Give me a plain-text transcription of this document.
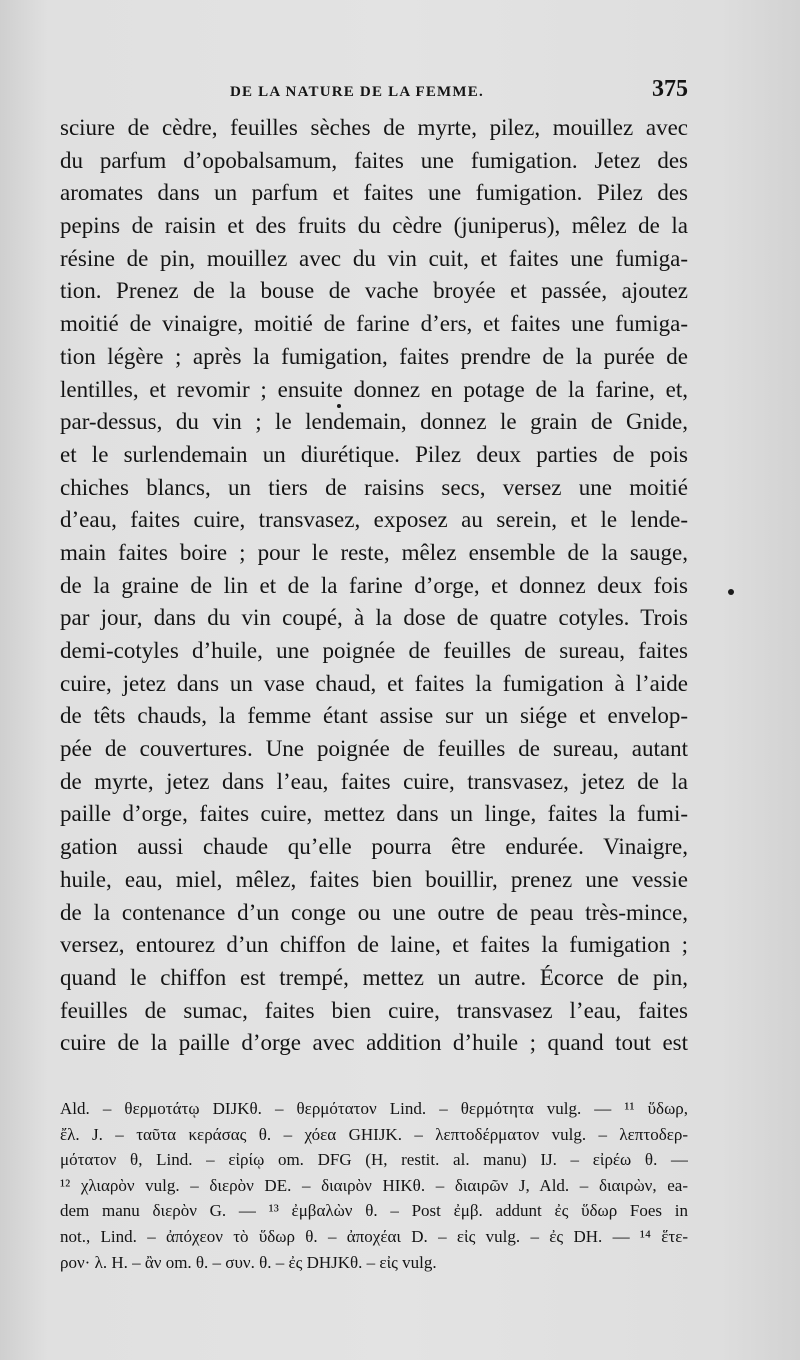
DE LA NATURE DE LA FEMME.	375
sciure de cèdre, feuilles sèches de myrte, pilez, mouillez avec
du parfum d’opobalsamum, faites une fumigation. Jetez des
aromates dans un parfum et faites une fumigation. Pilez des
pepins de raisin et des fruits du cèdre (juniperus), mêlez de la
résine de pin, mouillez avec du vin cuit, et faites une fumiga-
tion. Prenez de la bouse de vache broyée et passée, ajoutez
moitié de vinaigre, moitié de farine d’ers, et faites une fumiga-
tion légère ; après la fumigation, faites prendre de la purée de
lentilles, et revomir ; ensuite donnez en potage de la farine, et,
par-dessus, du vin ; le lendemain, donnez le grain de Gnide,
et le surlendemain un diurétique. Pilez deux parties de pois
chiches blancs, un tiers de raisins secs, versez une moitié
d’eau, faites cuire, transvasez, exposez au serein, et le lende-
main faites boire ; pour le reste, mêlez ensemble de la sauge,
de la graine de lin et de la farine d’orge, et donnez deux fois
par jour, dans du vin coupé, à la dose de quatre cotyles. Trois
demi-cotyles d’huile, une poignée de feuilles de sureau, faites
cuire, jetez dans un vase chaud, et faites la fumigation à l’aide
de têts chauds, la femme étant assise sur un siége et envelop-
pée de couvertures. Une poignée de feuilles de sureau, autant
de myrte, jetez dans l’eau, faites cuire, transvasez, jetez de la
paille d’orge, faites cuire, mettez dans un linge, faites la fumi-
gation aussi chaude qu’elle pourra être endurée. Vinaigre,
huile, eau, miel, mêlez, faites bien bouillir, prenez une vessie
de la contenance d’un conge ou une outre de peau très-mince,
versez, entourez d’un chiffon de laine, et faites la fumigation ;
quand le chiffon est trempé, mettez un autre. Écorce de pin,
feuilles de sumac, faites bien cuire, transvasez l’eau, faites
cuire de la paille d’orge avec addition d’huile ; quand tout est
Ald. – θερμοτάτῳ DIJKθ. – θερμότατον Lind. – θερμότητα vulg. — ¹¹ ὕδωρ,
ἔλ. J. – ταῦτα κεράσας θ. – χόεα GHIJK. – λεπτοδέρματον vulg. – λεπτοδερ-
μότατον θ, Lind. – εἰρίῳ om. DFG (H, restit. al. manu) IJ. – εἰρέω θ. —
¹² χλιαρὸν vulg. – διερὸν DE. – διαιρὸν HIKθ. – διαιρῶν J, Ald. – διαιρὼν, ea-
dem manu διερὸν G. — ¹³ ἐμβαλὼν θ. – Post ἐμβ. addunt ἐς ὕδωρ Foes in
not., Lind. – ἀπόχεον τὸ ὕδωρ θ. – ἀποχέαι D. – εἰς vulg. – ἐς DH. — ¹⁴ ἕτε-
ρον· λ. H. – ἂν om. θ. – συν. θ. – ἐς DHJKθ. – εἰς vulg.
